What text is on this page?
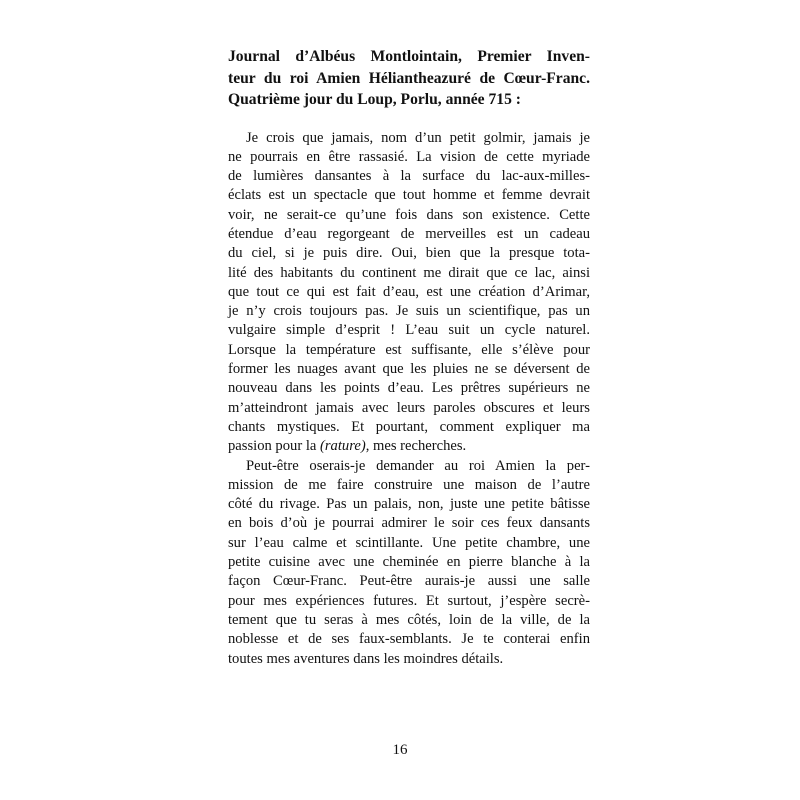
Journal d’Albéus Montlointain, Premier Inven-
teur du roi Amien Hélianthеazuré de Cœur-Franc.
Quatrième jour du Loup, Porlu, année 715 :
Je crois que jamais, nom d’un petit golmir, jamais je
ne pourrais en être rassasié. La vision de cette myriade
de lumières dansantes à la surface du lac-aux-milles-
éclats est un spectacle que tout homme et femme devrait
voir, ne serait-ce qu’une fois dans son existence. Cette
étendue d’eau regorgeant de merveilles est un cadeau
du ciel, si je puis dire. Oui, bien que la presque tota-
lité des habitants du continent me dirait que ce lac, ainsi
que tout ce qui est fait d’eau, est une création d’Arimar,
je n’y crois toujours pas. Je suis un scientifique, pas un
vulgaire simple d’esprit ! L’eau suit un cycle naturel.
Lorsque la température est suffisante, elle s’élève pour
former les nuages avant que les pluies ne se déversent de
nouveau dans les points d’eau. Les prêtres supérieurs ne
m’atteindront jamais avec leurs paroles obscures et leurs
chants mystiques. Et pourtant, comment expliquer ma
passion pour la (rature), mes recherches.
Peut-être oserais-je demander au roi Amien la per-
mission de me faire construire une maison de l’autre
côté du rivage. Pas un palais, non, juste une petite bâtisse
en bois d’où je pourrai admirer le soir ces feux dansants
sur l’eau calme et scintillante. Une petite chambre, une
petite cuisine avec une cheminée en pierre blanche à la
façon Cœur-Franc. Peut-être aurais-je aussi une salle
pour mes expériences futures. Et surtout, j’espère secrè-
tement que tu seras à mes côtés, loin de la ville, de la
noblesse et de ses faux-semblants. Je te conterai enfin
toutes mes aventures dans les moindres détails.
16
